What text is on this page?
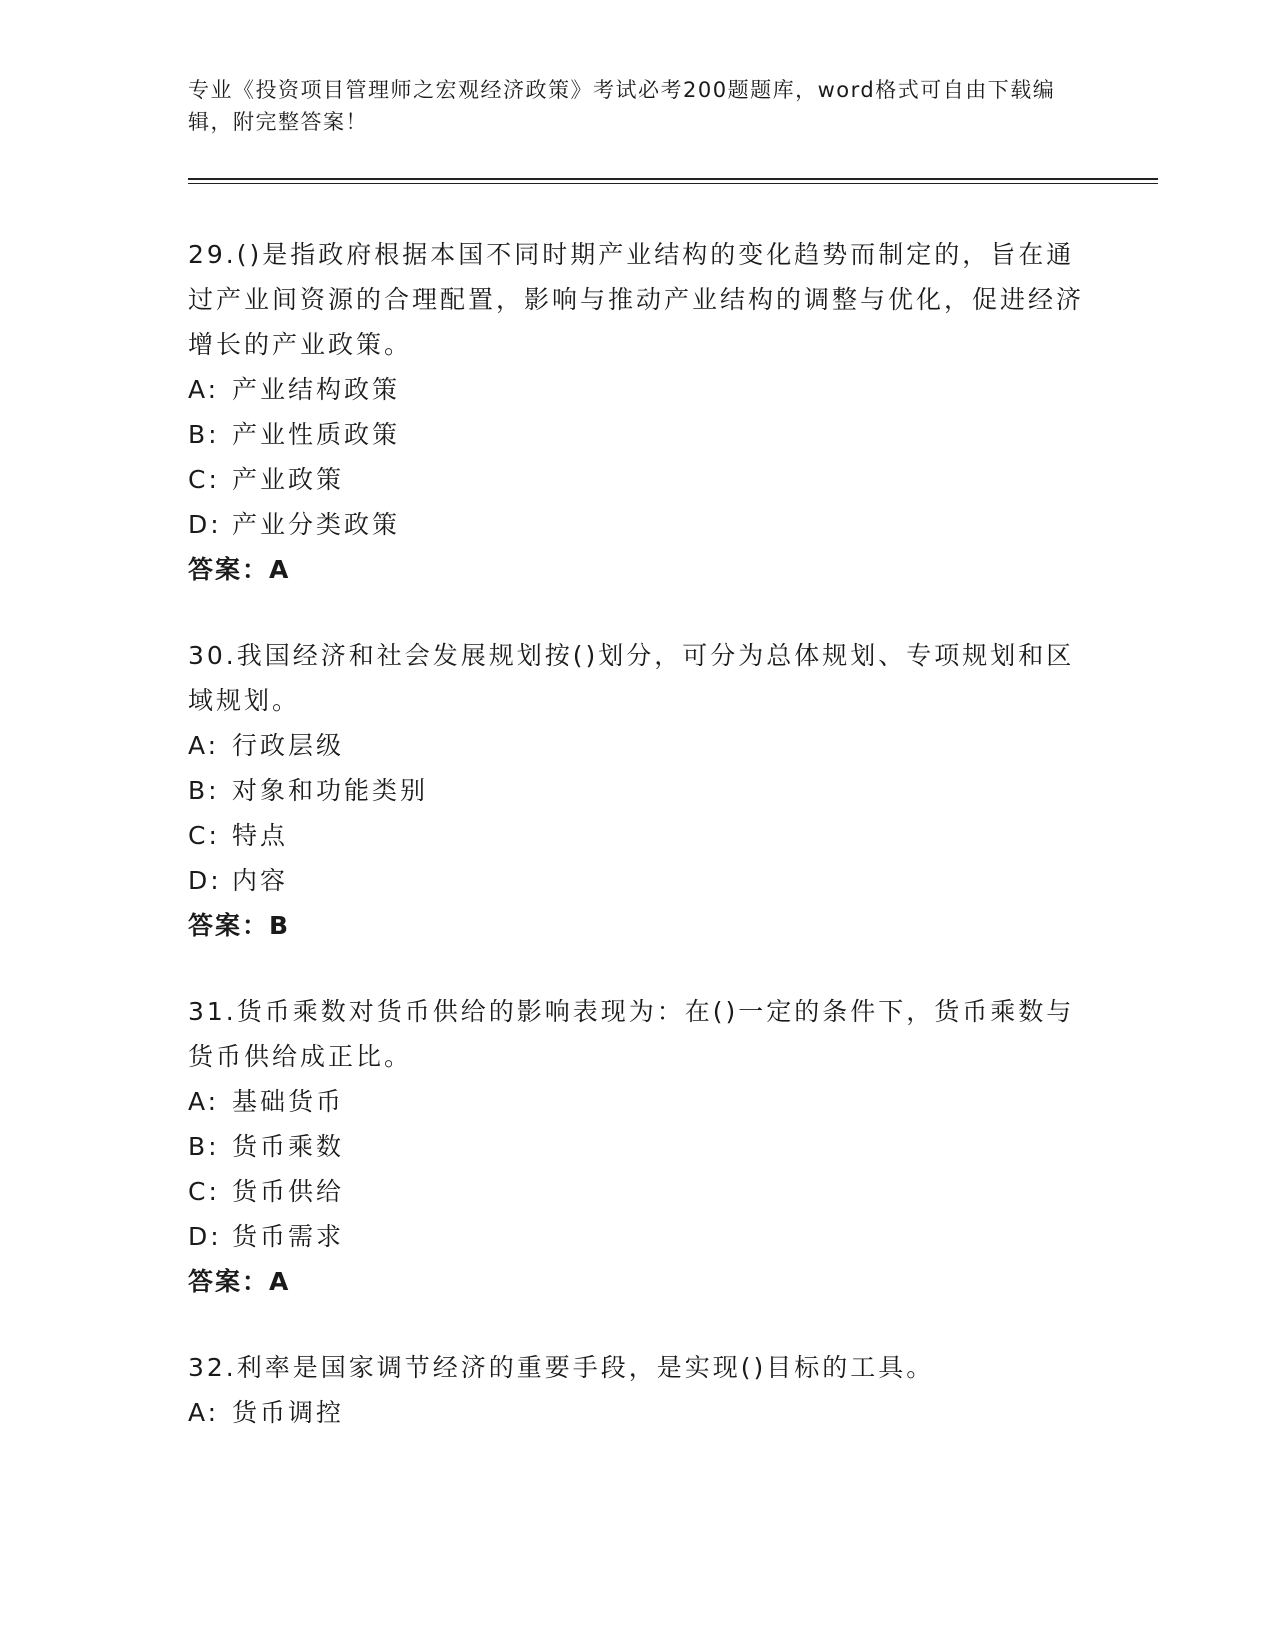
专业《投资项目管理师之宏观经济政策》考试必考200题题库，word格式可自由下载编辑，附完整答案！
29.()是指政府根据本国不同时期产业结构的变化趋势而制定的，旨在通过产业间资源的合理配置，影响与推动产业结构的调整与优化，促进经济增长的产业政策。
A: 产业结构政策
B: 产业性质政策
C: 产业政策
D: 产业分类政策
答案：A
30.我国经济和社会发展规划按()划分，可分为总体规划、专项规划和区域规划。
A: 行政层级
B: 对象和功能类别
C: 特点
D: 内容
答案：B
31.货币乘数对货币供给的影响表现为：在()一定的条件下，货币乘数与货币供给成正比。
A: 基础货币
B: 货币乘数
C: 货币供给
D: 货币需求
答案：A
32.利率是国家调节经济的重要手段，是实现()目标的工具。
A: 货币调控
